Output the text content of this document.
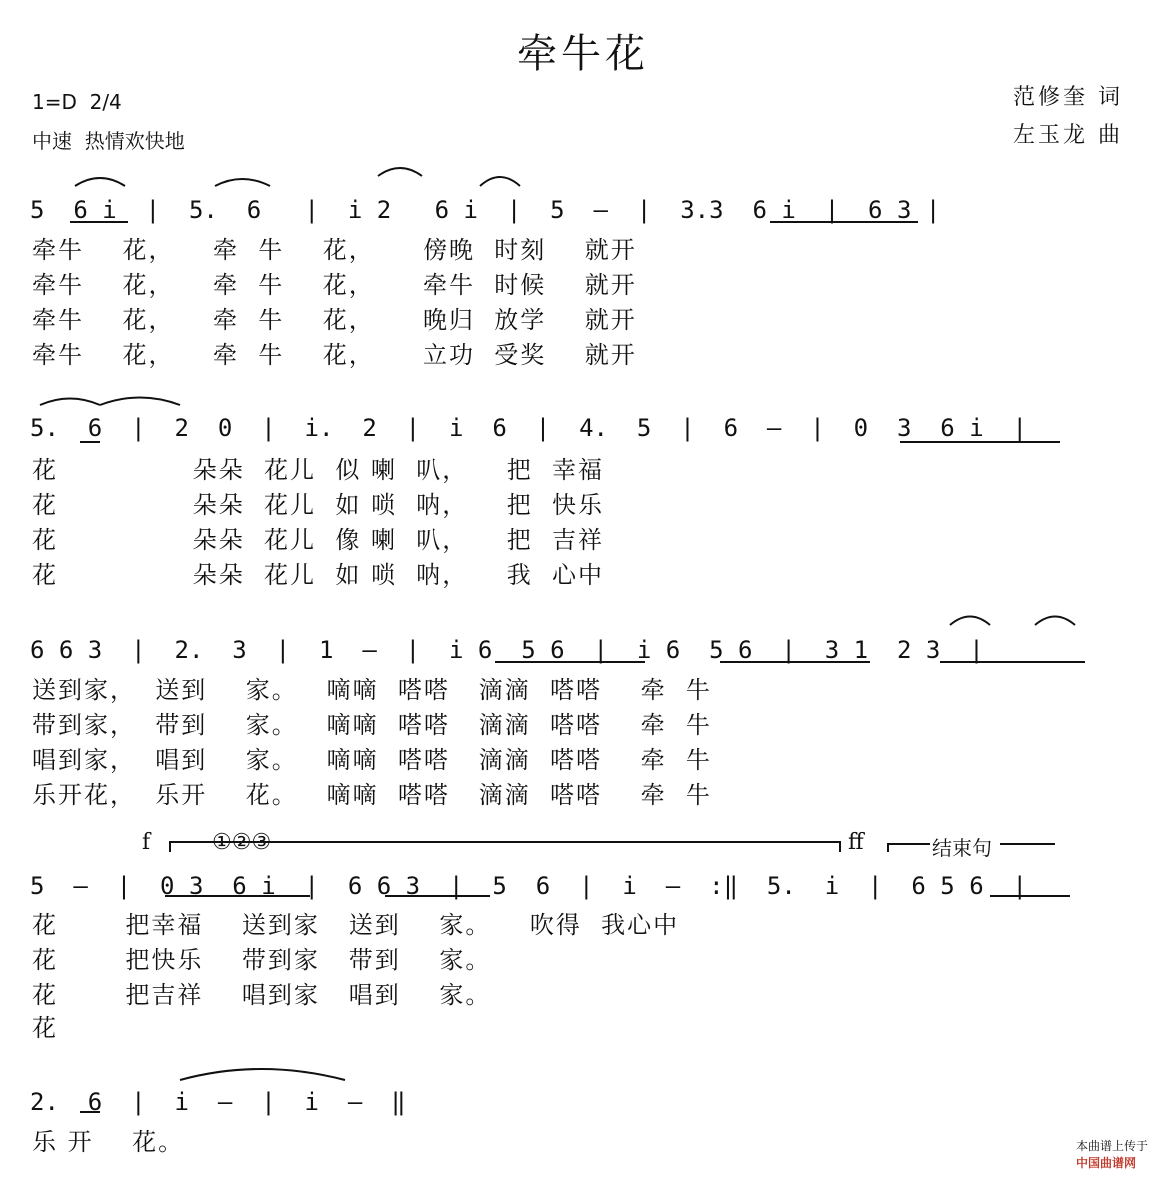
牵牛花
1=D  2/4
中速  热情欢快地
范修奎 词
左玉龙 曲
5  6 i  |  5.  6   |  i 2   6 i  |  5  –  |  3.3  6 i  |  6 3 |
牵牛    花，    牵  牛    花，     傍晚  时刻    就开
牵牛    花，    牵  牛    花，     牵牛  时候    就开
牵牛    花，    牵  牛    花，     晚归  放学    就开
牵牛    花，    牵  牛    花，     立功  受奖    就开
5.  6  |  2  0  |  i.  2  |  i  6  |  4.  5  |  6  –  |  0  3  6 i  |
花              朵朵  花儿  似 喇  叭，    把  幸福
花              朵朵  花儿  如 唢  呐，    把  快乐
花              朵朵  花儿  像 喇  叭，    把  吉祥
花              朵朵  花儿  如 唢  呐，    我  心中
6 6 3  |  2.  3  |  1  –  |  i 6  5 6  |  i 6  5 6  |  3 1  2 3  |
送到家，  送到    家。   嘀嘀  嗒嗒   滴滴  嗒嗒    牵  牛
带到家，  带到    家。   嘀嘀  嗒嗒   滴滴  嗒嗒    牵  牛
唱到家，  唱到    家。   嘀嘀  嗒嗒   滴滴  嗒嗒    牵  牛
乐开花，  乐开    花。   嘀嘀  嗒嗒   滴滴  嗒嗒    牵  牛
f	①②③	ff	结束句
5  –  |  0 3  6 i  |  6 6 3  |  5  6  |  i  –  :‖  5.  i  |  6 5 6  |
花       把幸福    送到家   送到    家。    吹得  我心中
花       把快乐    带到家   带到    家。
花       把吉祥    唱到家   唱到    家。
花
2.  6  |  i  –  |  i  –  ‖
乐 开    花。	本曲谱上传于
中国曲谱网
